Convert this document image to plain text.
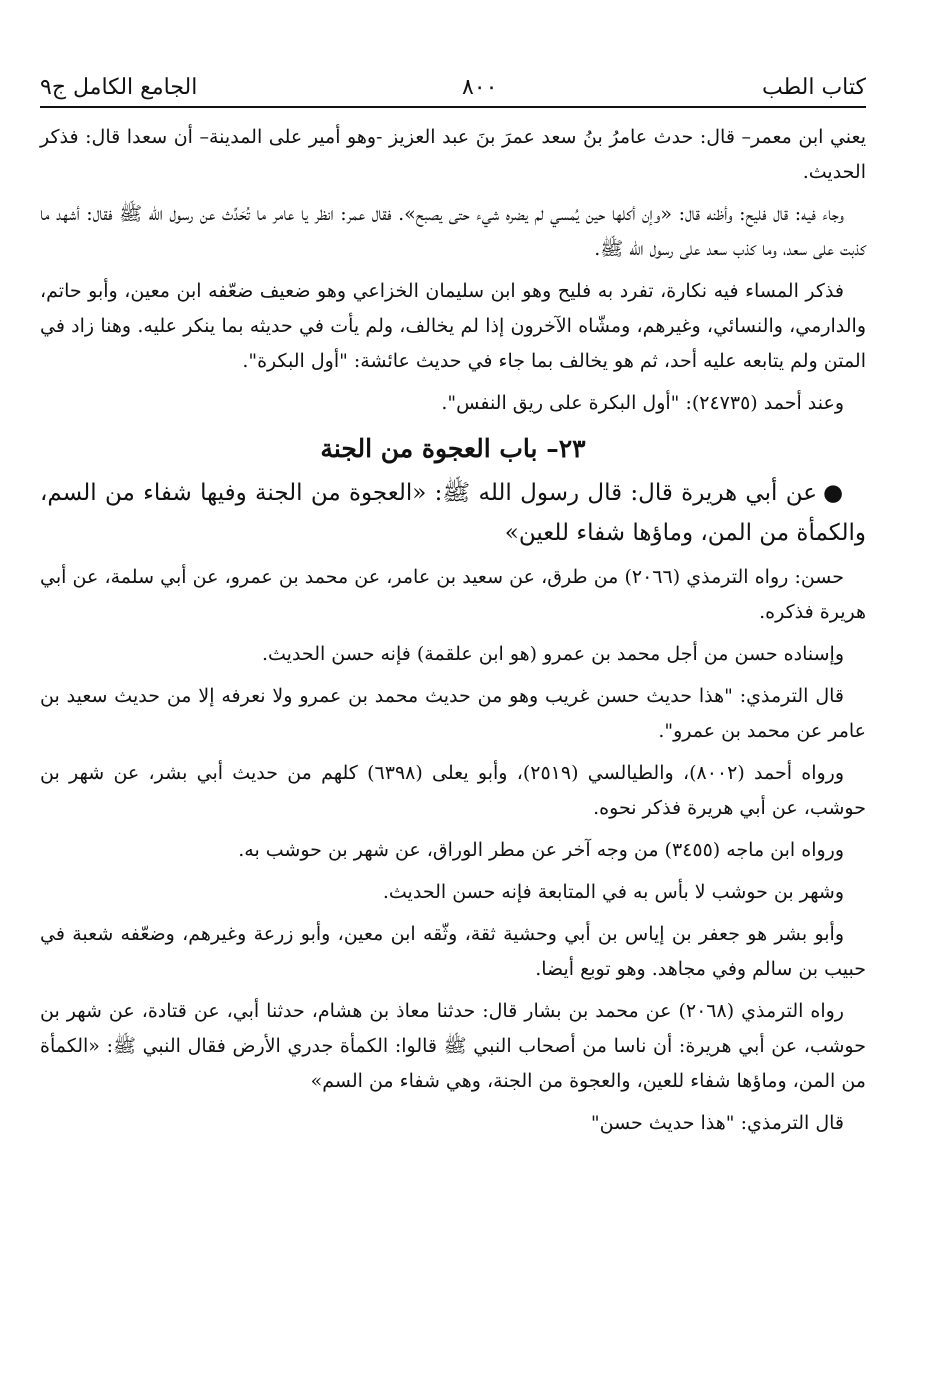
كتاب الطب
٨٠٠
الجامع الكامل ج٩

يعني ابن معمر– قال: حدث عامرُ بنُ سعد عمرَ بنَ عبد العزيز -وهو أمير على المدينة– أن سعدا قال: فذكر الحديث.

وجاء فيه: قال فليح: وأظنه قال: «وإن أكلها حين يُمسي لم يضره شيء حتى يصبح». فقال عمر: انظر يا عامر ما تُحَدِّث عن رسول الله ﷺ فقال: أشهد ما كذبت على سعد، وما كذب سعد على رسول الله ﷺ.

فذكر المساء فيه نكارة، تفرد به فليح وهو ابن سليمان الخزاعي وهو ضعيف ضعّفه ابن معين، وأبو حاتم، والدارمي، والنسائي، وغيرهم، ومشّاه الآخرون إذا لم يخالف، ولم يأت في حديثه بما ينكر عليه. وهنا زاد في المتن ولم يتابعه عليه أحد، ثم هو يخالف بما جاء في حديث عائشة: "أول البكرة".

وعند أحمد (٢٤٧٣٥): "أول البكرة على ريق النفس".

٢٣– باب العجوة من الجنة

●عن أبي هريرة قال: قال رسول الله ﷺ: «العجوة من الجنة وفيها شفاء من السم، والكمأة من المن، وماؤها شفاء للعين»

حسن: رواه الترمذي (٢٠٦٦) من طرق، عن سعيد بن عامر، عن محمد بن عمرو، عن أبي سلمة، عن أبي هريرة فذكره.

وإسناده حسن من أجل محمد بن عمرو (هو ابن علقمة) فإنه حسن الحديث.

قال الترمذي: "هذا حديث حسن غريب وهو من حديث محمد بن عمرو ولا نعرفه إلا من حديث سعيد بن عامر عن محمد بن عمرو".

ورواه أحمد (٨٠٠٢)، والطيالسي (٢٥١٩)، وأبو يعلى (٦٣٩٨) كلهم من حديث أبي بشر، عن شهر بن حوشب، عن أبي هريرة فذكر نحوه.

ورواه ابن ماجه (٣٤٥٥) من وجه آخر عن مطر الوراق، عن شهر بن حوشب به.

وشهر بن حوشب لا بأس به في المتابعة فإنه حسن الحديث.

وأبو بشر هو جعفر بن إياس بن أبي وحشية ثقة، وثّقه ابن معين، وأبو زرعة وغيرهم، وضعّفه شعبة في حبيب بن سالم وفي مجاهد. وهو توبع أيضا.

رواه الترمذي (٢٠٦٨) عن محمد بن بشار قال: حدثنا معاذ بن هشام، حدثنا أبي، عن قتادة، عن شهر بن حوشب، عن أبي هريرة: أن ناسا من أصحاب النبي ﷺ قالوا: الكمأة جدري الأرض فقال النبي ﷺ: «الكمأة من المن، وماؤها شفاء للعين، والعجوة من الجنة، وهي شفاء من السم»

قال الترمذي: "هذا حديث حسن"
